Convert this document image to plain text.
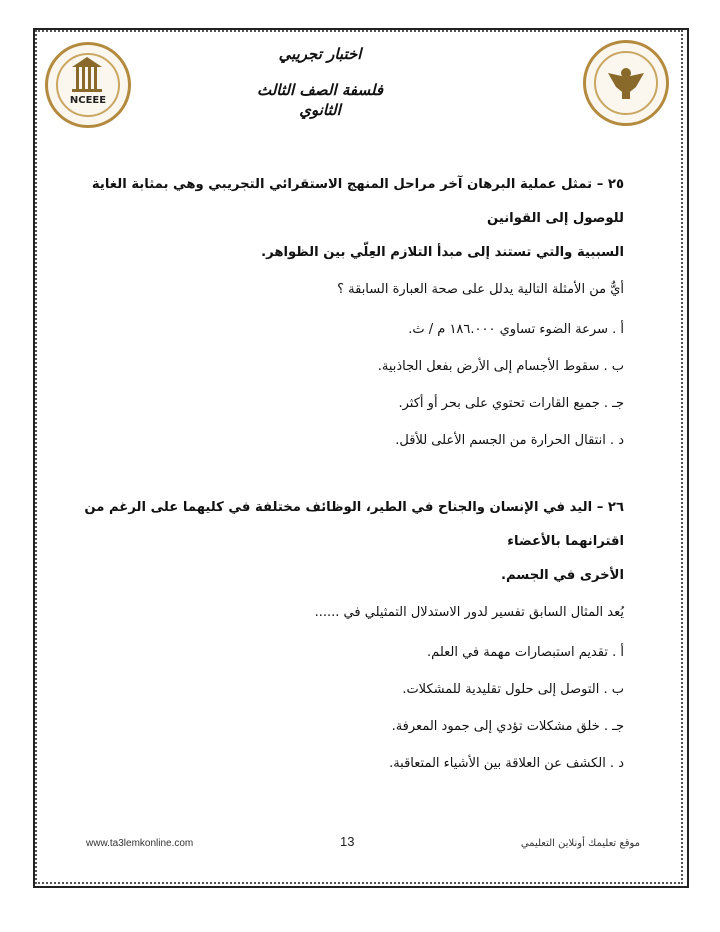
NCEEE
اختبار تجريبي
فلسفة الصف الثالث الثانوي

٢٥ – تمثل عملية البرهان آخر مراحل المنهج الاستقرائي التجريبي وهي بمثابة الغاية للوصول إلى القوانين

السببية والتي تستند إلى مبدأ التلازم العِلّي بين الظواهر.

أيٌّ من الأمثلة التالية يدلل على صحة العبارة السابقة ؟

أ . سرعة الضوء تساوي ١٨٦.٠٠٠ م / ث.

ب . سقوط الأجسام إلى الأرض بفعل الجاذبية.

جـ . جميع القارات تحتوي على بحر أو أكثر.

د . انتقال الحرارة من الجسم الأعلى للأقل.

٢٦ – اليد في الإنسان والجناح في الطير، الوظائف مختلفة في كليهما على الرغم من اقترانهما بالأعضاء

الأخرى في الجسم.

يُعد المثال السابق تفسير لدور الاستدلال التمثيلي في ......

أ . تقديم استبصارات مهمة في العلم.

ب . التوصل إلى حلول تقليدية للمشكلات.

جـ . خلق مشكلات تؤدي إلى جمود المعرفة.

د . الكشف عن العلاقة بين الأشياء المتعاقبة.

www.ta3lemkonline.com	13	موقع تعليمك أونلاين التعليمي
